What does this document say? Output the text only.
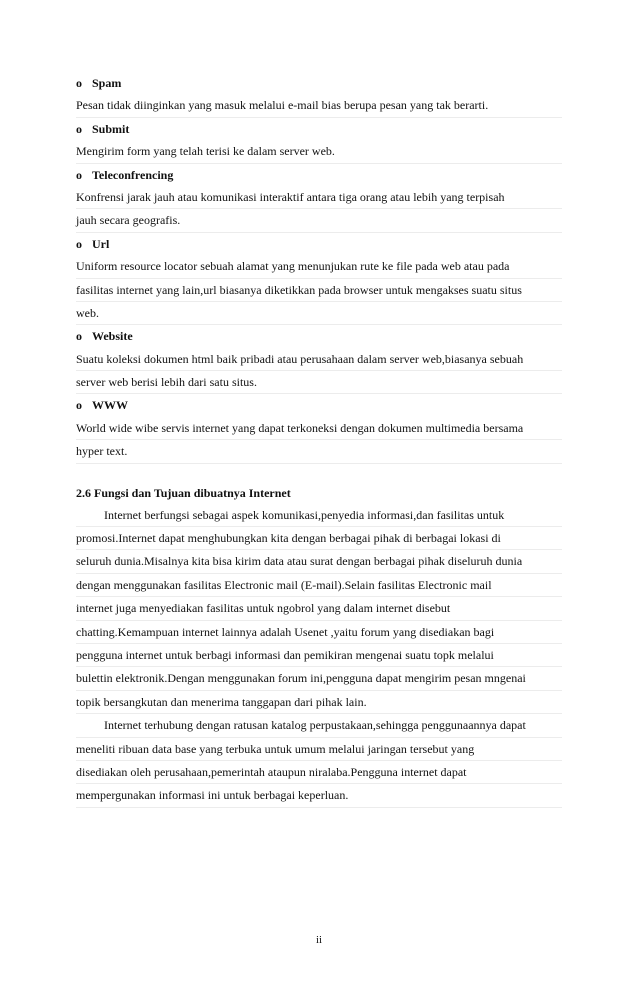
o Spam
Pesan tidak diinginkan yang masuk melalui e-mail bias berupa pesan yang tak berarti.
o Submit
Mengirim form yang telah terisi ke dalam server web.
o Teleconfrencing
Konfrensi jarak jauh atau komunikasi interaktif antara tiga orang atau lebih yang terpisah
jauh secara geografis.
o Url
Uniform resource locator sebuah alamat yang menunjukan rute ke file pada web atau pada
fasilitas internet yang lain,url biasanya diketikkan pada browser untuk mengakses suatu situs
web.
o Website
Suatu koleksi dokumen html baik pribadi atau perusahaan dalam server web,biasanya sebuah
server web berisi lebih dari satu situs.
o WWW
World wide wibe servis internet yang dapat terkoneksi dengan dokumen multimedia bersama
hyper text.
2.6 Fungsi dan Tujuan dibuatnya Internet
Internet berfungsi sebagai aspek komunikasi,penyedia informasi,dan fasilitas untuk
promosi.Internet dapat menghubungkan kita dengan berbagai pihak di berbagai lokasi di
seluruh dunia.Misalnya kita bisa kirim data atau surat dengan berbagai pihak diseluruh dunia
dengan menggunakan fasilitas Electronic mail (E-mail).Selain fasilitas Electronic mail
internet juga menyediakan fasilitas untuk ngobrol yang dalam internet disebut
chatting.Kemampuan internet lainnya adalah Usenet ,yaitu forum yang disediakan bagi
pengguna internet untuk berbagi informasi dan pemikiran mengenai suatu topk melalui
bulettin elektronik.Dengan menggunakan forum ini,pengguna dapat mengirim pesan mngenai
topik bersangkutan dan menerima tanggapan dari pihak lain.
Internet terhubung dengan ratusan katalog perpustakaan,sehingga penggunaannya dapat
meneliti ribuan data base yang terbuka untuk umum melalui jaringan tersebut yang
disediakan oleh perusahaan,pemerintah ataupun niralaba.Pengguna internet dapat
mempergunakan informasi ini untuk berbagai keperluan.
ii
